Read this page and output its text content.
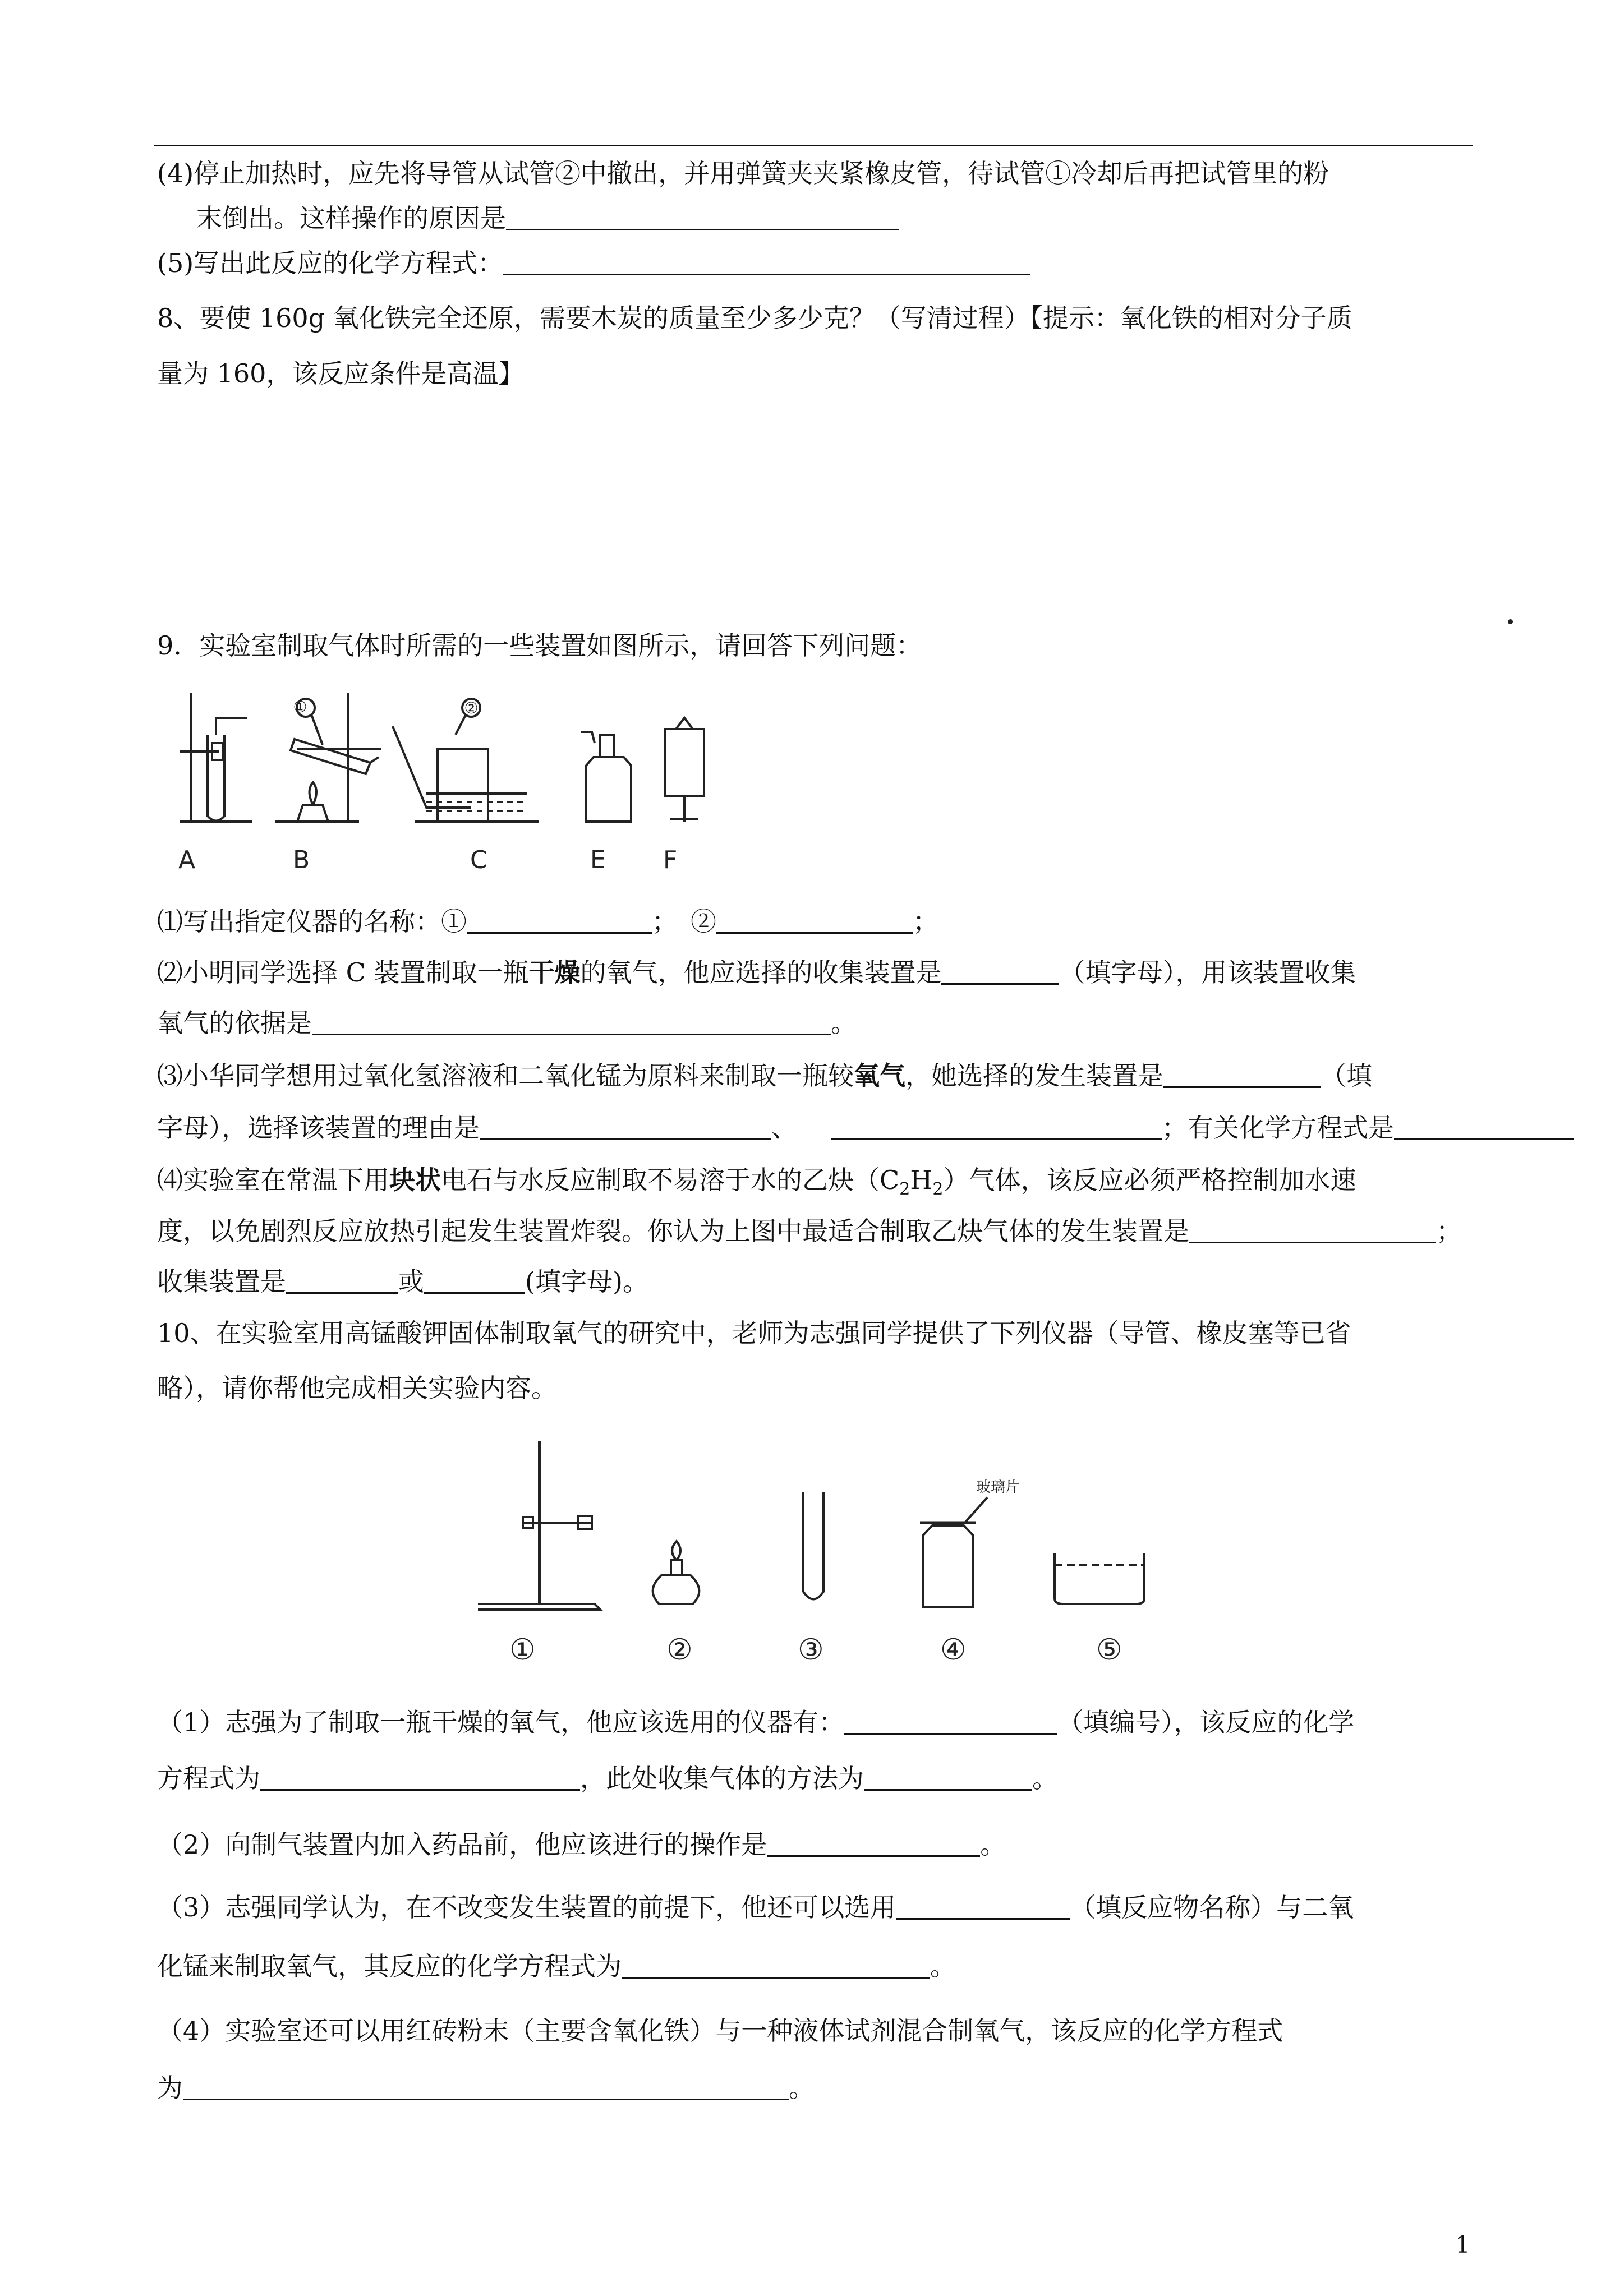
(4)停止加热时，应先将导管从试管②中撤出，并用弹簧夹夹紧橡皮管，待试管①冷却后再把试管里的粉
末倒出。这样操作的原因是
(5)写出此反应的化学方程式：
8、要使 160g 氧化铁完全还原，需要木炭的质量至少多少克？（写清过程）【提示：氧化铁的相对分子质
量为 160，该反应条件是高温】
9．实验室制取气体时所需的一些装置如图所示，请回答下列问题：
①	②
A	B	C	E F
⑴写出指定仪器的名称：①	；　②	；
⑵小明同学选择 C 装置制取一瓶干燥的氧气，他应选择的收集装置是	（填字母），用该装置收集
氧气的依据是	。
⑶小华同学想用过氧化氢溶液和二氧化锰为原料来制取一瓶较氧气，她选择的发生装置是	（填
字母），选择该装置的理由是	、	；有关化学方程式是
⑷实验室在常温下用块状电石与水反应制取不易溶于水的乙炔$(C_2H_2)$气体，该反应必须严格控制加水速
度，以免剧烈反应放热引起发生装置炸裂。你认为上图中最适合制取乙炔气体的发生装置是	；
收集装置是	或	(填字母)。
10、在实验室用高锰酸钾固体制取氧气的研究中，老师为志强同学提供了下列仪器（导管、橡皮塞等已省
略），请你帮他完成相关实验内容。
玻璃片
①	②	③	④	⑤
（1）志强为了制取一瓶干燥的氧气，他应该选用的仪器有：	（填编号），该反应的化学
方程式为	，此处收集气体的方法为	。
（2）向制气装置内加入药品前，他应该进行的操作是	。
（3）志强同学认为，在不改变发生装置的前提下，他还可以选用	（填反应物名称）与二氧
化锰来制取氧气，其反应的化学方程式为	。
（4）实验室还可以用红砖粉末（主要含氧化铁）与一种液体试剂混合制氧气，该反应的化学方程式
为	。
1
